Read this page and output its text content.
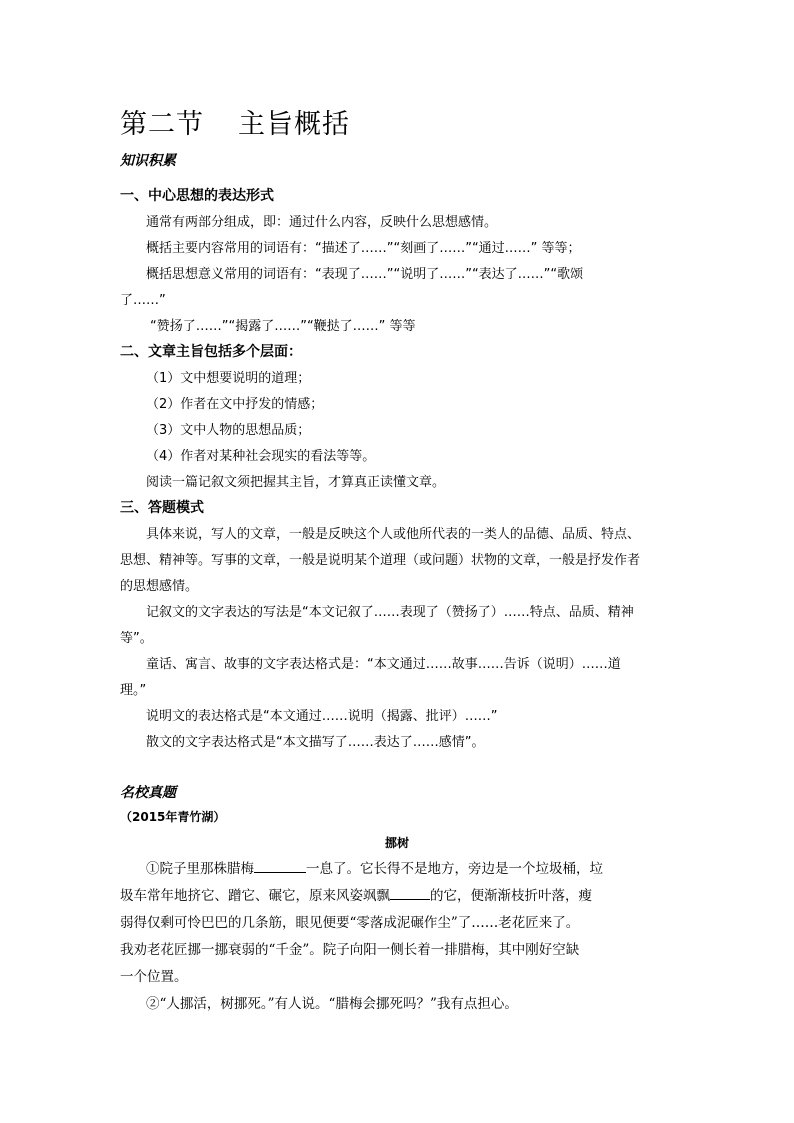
第二节 主旨概括
知识积累
一、中心思想的表达形式
通常有两部分组成，即：通过什么内容，反映什么思想感情。
概括主要内容常用的词语有：“描述了……”“刻画了……”“通过……” 等等；
概括思想意义常用的词语有：“表现了……”“说明了……”“表达了……”“歌颂
了……”
“赞扬了……”“揭露了……”“鞭挞了……” 等等
二、文章主旨包括多个层面：
（1）文中想要说明的道理；
（2）作者在文中抒发的情感；
（3）文中人物的思想品质；
（4）作者对某种社会现实的看法等等。
阅读一篇记叙文须把握其主旨，才算真正读懂文章。
三、答题模式
具体来说，写人的文章，一般是反映这个人或他所代表的一类人的品德、品质、特点、
思想、精神等。写事的文章，一般是说明某个道理（或问题）状物的文章，一般是抒发作者
的思想感情。
记叙文的文字表达的写法是“本文记叙了……表现了（赞扬了）……特点、品质、精神
等”。
童话、寓言、故事的文字表达格式是：“本文通过……故事……告诉（说明）……道
理。”
说明文的表达格式是“本文通过……说明（揭露、批评）……”
散文的文字表达格式是“本文描写了……表达了……感情”。
名校真题
（2015年青竹湖）
挪树
①院子里那株腊梅	一息了。它长得不是地方，旁边是一个垃圾桶，垃
圾车常年地挤它、蹭它、碾它，原来风姿飒飘	的它，便渐渐枝折叶落，瘦
弱得仅剩可怜巴巴的几条筋，眼见便要“零落成泥碾作尘”了……老花匠来了。
我劝老花匠挪一挪衰弱的“千金”。院子向阳一侧长着一排腊梅，其中刚好空缺
一个位置。
②“人挪活，树挪死。”有人说。“腊梅会挪死吗？”我有点担心。
